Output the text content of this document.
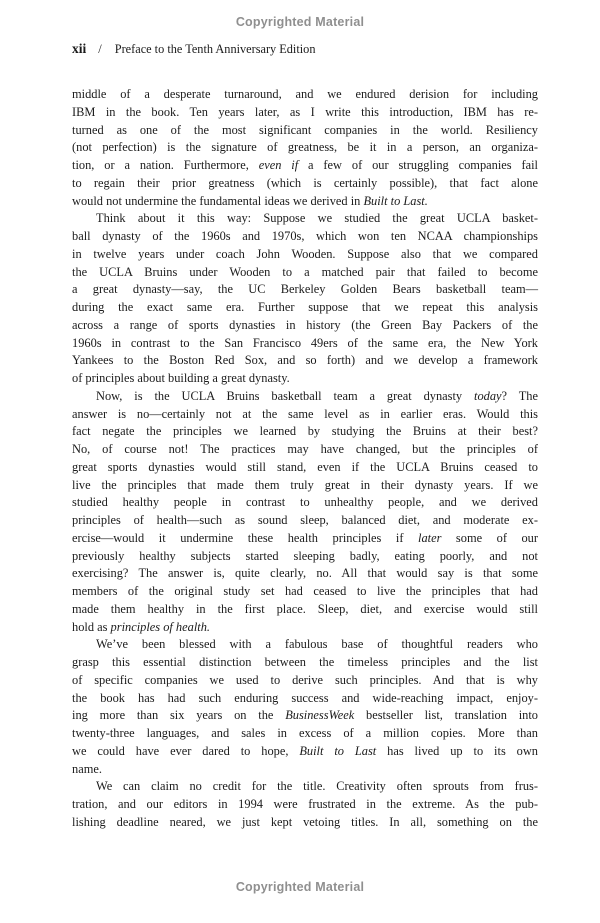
Copyrighted Material
xii / Preface to the Tenth Anniversary Edition
middle of a desperate turnaround, and we endured derision for including
IBM in the book. Ten years later, as I write this introduction, IBM has re-
turned as one of the most significant companies in the world. Resiliency
(not perfection) is the signature of greatness, be it in a person, an organiza-
tion, or a nation. Furthermore, even if a few of our struggling companies fail
to regain their prior greatness (which is certainly possible), that fact alone
would not undermine the fundamental ideas we derived in Built to Last.
Think about it this way: Suppose we studied the great UCLA basket-
ball dynasty of the 1960s and 1970s, which won ten NCAA championships
in twelve years under coach John Wooden. Suppose also that we compared
the UCLA Bruins under Wooden to a matched pair that failed to become
a great dynasty—say, the UC Berkeley Golden Bears basketball team—
during the exact same era. Further suppose that we repeat this analysis
across a range of sports dynasties in history (the Green Bay Packers of the
1960s in contrast to the San Francisco 49ers of the same era, the New York
Yankees to the Boston Red Sox, and so forth) and we develop a framework
of principles about building a great dynasty.
Now, is the UCLA Bruins basketball team a great dynasty today? The
answer is no—certainly not at the same level as in earlier eras. Would this
fact negate the principles we learned by studying the Bruins at their best?
No, of course not! The practices may have changed, but the principles of
great sports dynasties would still stand, even if the UCLA Bruins ceased to
live the principles that made them truly great in their dynasty years. If we
studied healthy people in contrast to unhealthy people, and we derived
principles of health—such as sound sleep, balanced diet, and moderate ex-
ercise—would it undermine these health principles if later some of our
previously healthy subjects started sleeping badly, eating poorly, and not
exercising? The answer is, quite clearly, no. All that would say is that some
members of the original study set had ceased to live the principles that had
made them healthy in the first place. Sleep, diet, and exercise would still
hold as principles of health.
We’ve been blessed with a fabulous base of thoughtful readers who
grasp this essential distinction between the timeless principles and the list
of specific companies we used to derive such principles. And that is why
the book has had such enduring success and wide-reaching impact, enjoy-
ing more than six years on the BusinessWeek bestseller list, translation into
twenty-three languages, and sales in excess of a million copies. More than
we could have ever dared to hope, Built to Last has lived up to its own
name.
We can claim no credit for the title. Creativity often sprouts from frus-
tration, and our editors in 1994 were frustrated in the extreme. As the pub-
lishing deadline neared, we just kept vetoing titles. In all, something on the
Copyrighted Material
